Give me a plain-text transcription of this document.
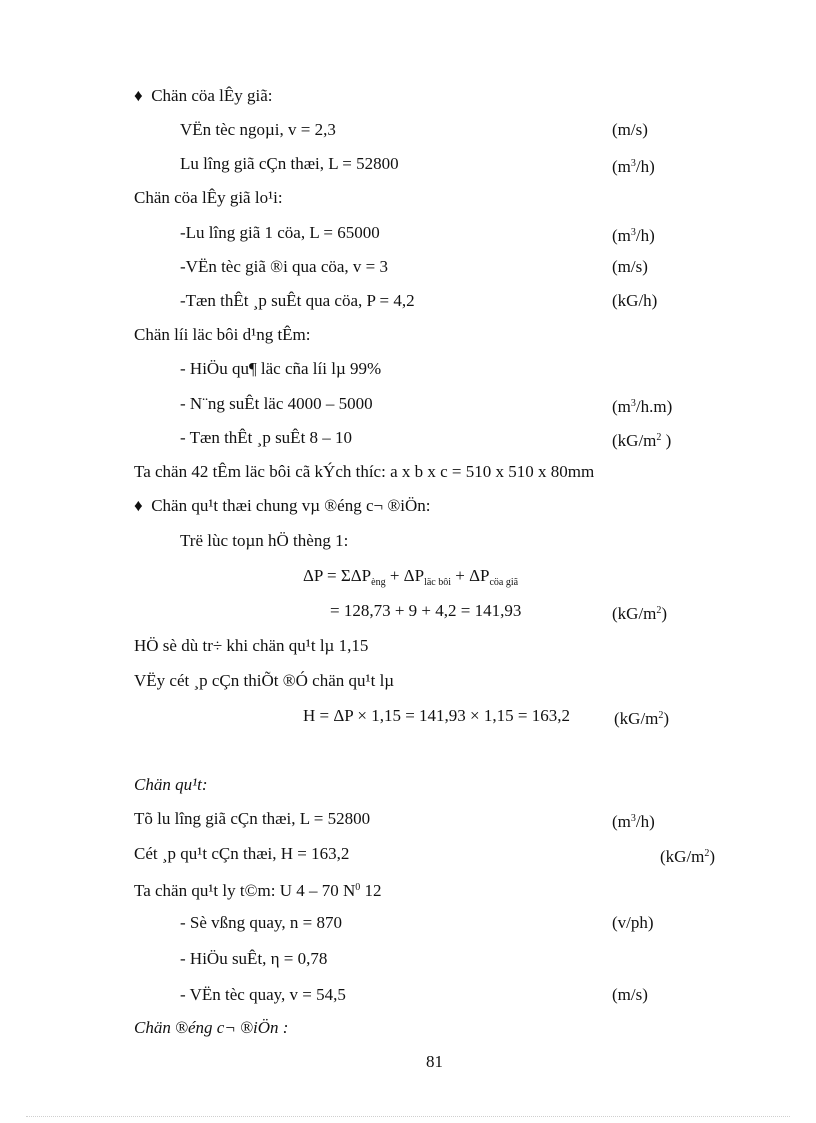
♦ Chän cöa lÊy giã:
VËn tèc ngoµi, v = 2,3	(m/s)
Lu lîng giã cÇn thæi, L = 52800	$(m^3/h)$
Chän cöa lÊy giã lo¹i:
-Lu lîng giã 1 cöa, L = 65000	$(m^3/h)$
-VËn tèc giã ®i qua cöa, v = 3	(m/s)
-Tæn thÊt ¸p suÊt qua cöa, P = 4,2	(kG/h)
Chän líi läc bôi d¹ng tÊm:
- HiÖu qu¶ läc cña líi lµ 99%
- N¨ng suÊt läc 4000 – 5000	$(m^3/h.m)$
- Tæn thÊt ¸p suÊt 8 – 10	($kG/m^2$ )
Ta chän 42 tÊm läc bôi cã kÝch thíc: a x b x c = 510 x 510 x 80mm
♦ Chän qu¹t thæi chung vµ ®éng c¬ ®iÖn:
Trë lùc toµn hÖ thèng 1:
$\Delta P = \Sigma\Delta P_{èng} + \Delta P_{läc bôi} + \Delta P_{cöa giã}$
= 128,73 + 9 + 4,2 = 141,93	$(kG/m^2)$
HÖ sè dù tr÷ khi chän qu¹t lµ 1,15
VËy cét ¸p cÇn thiÕt ®Ó chän qu¹t lµ
H = ΔP × 1,15 = 141,93 × 1,15 = 163,2	$(kG/m^2)$
Chän qu¹t:
Tõ lu lîng giã cÇn thæi, L = 52800	$(m^3/h)$
Cét ¸p qu¹t cÇn thæi, H = 163,2	$(kG/m^2)$
Ta chän qu¹t ly t©m: U 4 – 70 $N^0$ 12
- Sè vßng quay, n = 870	(v/ph)
- HiÖu suÊt, η = 0,78
- VËn tèc quay, v = 54,5	(m/s)
Chän ®éng c¬ ®iÖn :
81
